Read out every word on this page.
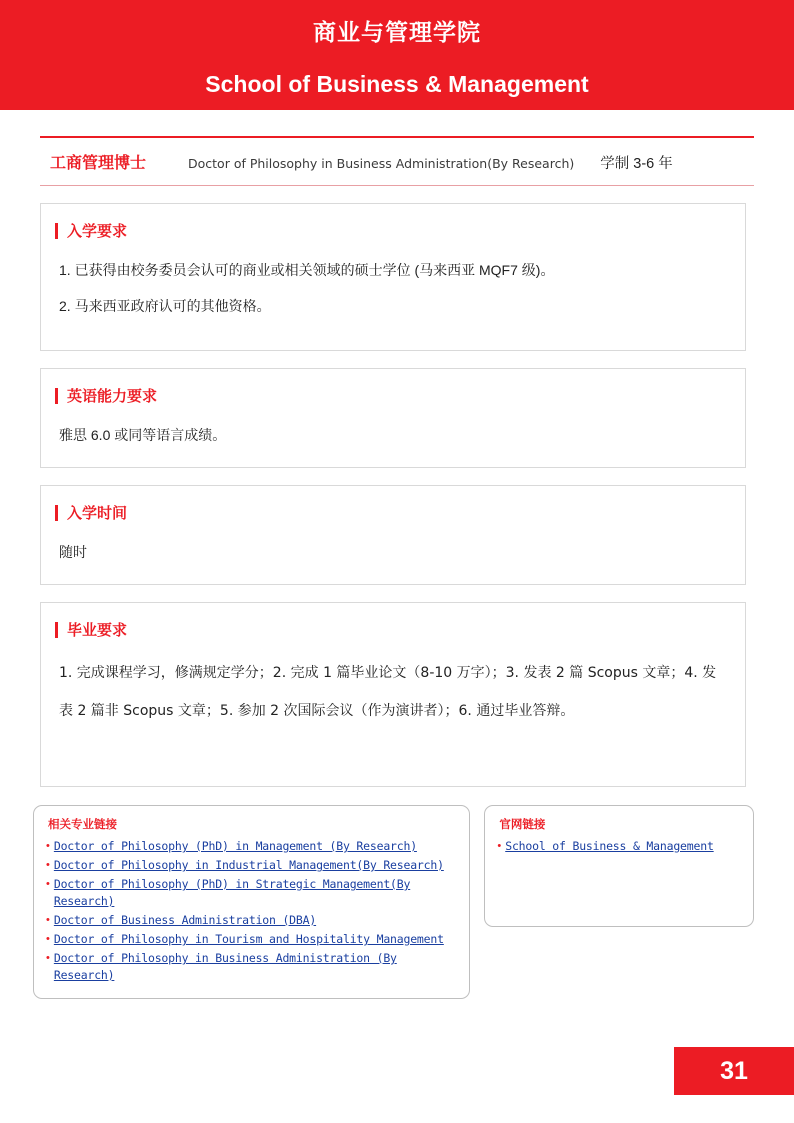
商业与管理学院
School of Business & Management
工商管理博士	Doctor of Philosophy in Business Administration(By Research) 学制 3-6 年
入学要求

1. 已获得由校务委员会认可的商业或相关领域的硕士学位 (马来西亚 MQF7 级)。

2. 马来西亚政府认可的其他资格。

英语能力要求

雅思 6.0 或同等语言成绩。

入学时间

随时

毕业要求

1. 完成课程学习，修满规定学分；2. 完成 1 篇毕业论文（8-10 万字）；3. 发表 2 篇 Scopus 文章；4. 发表 2 篇非 Scopus 文章；5. 参加 2 次国际会议（作为演讲者）；6. 通过毕业答辩。

相关专业链接
• Doctor of Philosophy (PhD) in Management (By Research)
• Doctor of Philosophy in Industrial Management(By Research)
• Doctor of Philosophy (PhD) in Strategic Management(By Research)
• Doctor of Business Administration (DBA)
• Doctor of Philosophy in Tourism and Hospitality Management
• Doctor of Philosophy in Business Administration (By Research)
官网链接
• School of Business & Management
31
